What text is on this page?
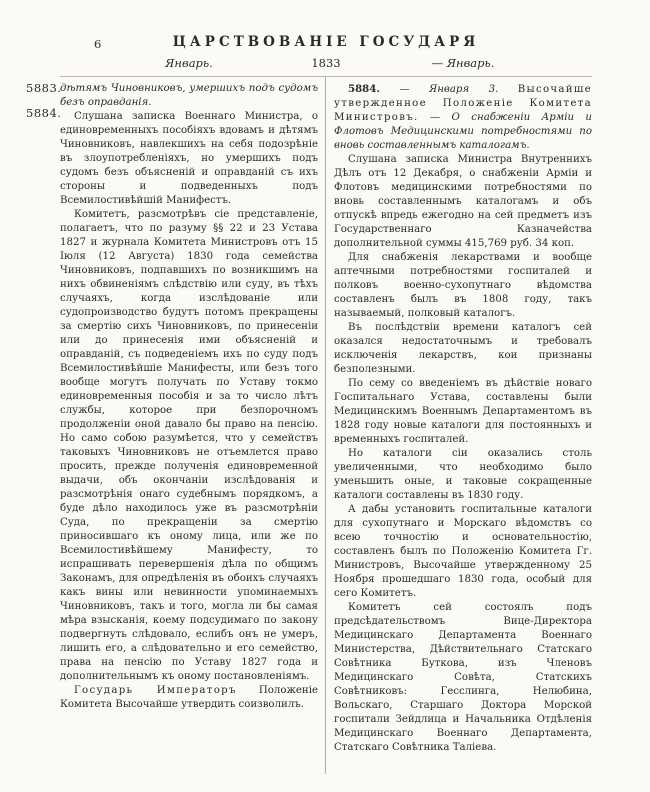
6	ЦАРСТВОВАНІЕ ГОСУДАРЯ
Январь.	1833	— Январь.
5883.
5884.

дѣтямъ Чиновниковъ, умершихъ подъ судомъ безъ оправданія.

Слушана записка Военнаго Министра, о единовременныхъ пособіяхъ вдовамъ и дѣтямъ Чиновниковъ, навлекшихъ на себя подозрѣніе въ злоупотребленіяхъ, но умершихъ подъ судомъ безъ объясненій и оправданій съ ихъ стороны и подведенныхъ подъ Всемилостивѣйшій Манифестъ.

Комитетъ, разсмотрѣвъ сіе представленіе, полагаетъ, что по разуму §§ 22 и 23 Устава 1827 и журнала Комитета Министровъ отъ 15 Іюля (12 Августа) 1830 года семейства Чиновниковъ, подпавшихъ по возникшимъ на нихъ обвиненіямъ слѣдствію или суду, въ тѣхъ случаяхъ, когда изслѣдованіе или судопроизводство будутъ потомъ прекращены за смертію сихъ Чиновниковъ, по принесеніи или до принесенія ими объясненій и оправданій, съ подведеніемъ ихъ по суду подъ Всемилостивѣйшіе Манифесты, или безъ того вообще могутъ получать по Уставу токмо единовременныя пособія и за то число лѣтъ службы, которое при безпорочномъ продолженіи оной давало бы право на пенсію. Но само собою разумѣется, что у семействъ таковыхъ Чиновниковъ не отъемлется право просить, прежде полученія единовременной выдачи, объ окончаніи изслѣдованія и разсмотрѣнія онаго судебнымъ порядкомъ, а буде дѣло находилось уже въ разсмотрѣніи Суда, по прекращеніи за смертію приносившаго къ оному лица, или же по Всемилостивѣйшему Манифесту, то испрашивать перевершенія дѣла по общимъ Законамъ, для опредѣленія въ обоихъ случаяхъ какъ вины или невинности упоминаемыхъ Чиновниковъ, такъ и того, могла ли бы самая мѣра взысканія, коему подсудимаго по закону подвергнуть слѣдовало, еслибъ онъ не умеръ, лишить его, а слѣдовательно и его семейство, права на пенсію по Уставу 1827 года и дополнительнымъ къ оному постановленіямъ.

Государь Императоръ Положеніе Комитета Высочайше утвердить соизволилъ.

5884. — Января 3. Высочайше утвержденное Положеніе Комитета Министровъ. — О снабженіи Арміи и Флотовъ Медицинскими потребностями по вновь составленнымъ каталогамъ.

Слушана записка Министра Внутреннихъ Дѣлъ отъ 12 Декабря, о снабженіи Арміи и Флотовъ медицинскими потребностями по вновь составленнымъ каталогамъ и объ отпускѣ впредь ежегодно на сей предметъ изъ Государственнаго Казначейства дополнительной суммы 415,769 руб. 34 коп.

Для снабженія лекарствами и вообще аптечными потребностями госпиталей и полковъ военно-сухопутнаго вѣдомства составленъ былъ въ 1808 году, такъ называемый, полковый каталогъ.

Въ послѣдствіи времени каталогъ сей оказался недостаточнымъ и требовалъ исключенія лекарствъ, кои признаны безполезными.

По сему со введеніемъ въ дѣйствіе новаго Госпитальнаго Устава, составлены были Медицинскимъ Военнымъ Департаментомъ въ 1828 году новые каталоги для постоянныхъ и временныхъ госпиталей.

Но каталоги сіи оказались столь увеличенными, что необходимо было уменьшить оные, и таковые сокращенные каталоги составлены въ 1830 году.

А дабы установить госпитальные каталоги для сухопутнаго и Морскаго вѣдомствъ со всею точностію и основательностію, составленъ былъ по Положенію Комитета Гг. Министровъ, Высочайше утвержденному 25 Ноября прошедшаго 1830 года, особый для сего Комитетъ.

Комитетъ сей состоялъ подъ предсѣдательствомъ Вице-Директора Медицинскаго Департамента Военнаго Министерства, Дѣйствительнаго Статскаго Совѣтника Буткова, изъ Членовъ Медицинскаго Совѣта, Статскихъ Совѣтниковъ: Гесслинга, Нелюбина, Вольскаго, Старшаго Доктора Морской госпитали Зейдлица и Начальника Отдѣленія Медицинскаго Военнаго Департамента, Статскаго Совѣтника Таліева.
